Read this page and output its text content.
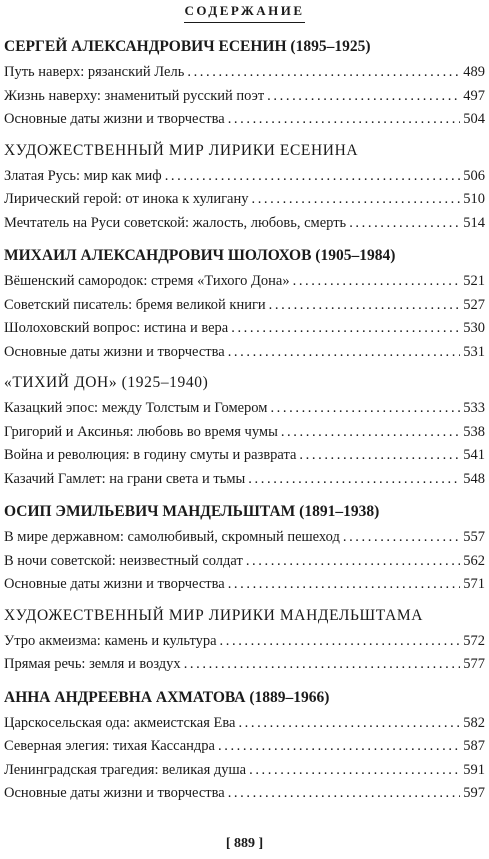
СОДЕРЖАНИЕ
СЕРГЕЙ АЛЕКСАНДРОВИЧ ЕСЕНИН (1895–1925)
Путь наверх: рязанский Лель .....	489
Жизнь наверху: знаменитый русский поэт .....	497
Основные даты жизни и творчества .....	504
ХУДОЖЕСТВЕННЫЙ МИР ЛИРИКИ ЕСЕНИНА
Златая Русь: мир как миф .....	506
Лирический герой: от инока к хулигану .....	510
Мечтатель на Руси советской: жалость, любовь, смерть .....	514
МИХАИЛ АЛЕКСАНДРОВИЧ ШОЛОХОВ (1905–1984)
Вёшенский самородок: стремя «Тихого Дона» .....	521
Советский писатель: бремя великой книги .....	527
Шолоховский вопрос: истина и вера .....	530
Основные даты жизни и творчества .....	531
«ТИХИЙ ДОН» (1925–1940)
Казацкий эпос: между Толстым и Гомером .....	533
Григорий и Аксинья: любовь во время чумы .....	538
Война и революция: в годину смуты и разврата .....	541
Казачий Гамлет: на грани света и тьмы .....	548
ОСИП ЭМИЛЬЕВИЧ МАНДЕЛЬШТАМ (1891–1938)
В мире державном: самолюбивый, скромный пешеход .....	557
В ночи советской: неизвестный солдат .....	562
Основные даты жизни и творчества .....	571
ХУДОЖЕСТВЕННЫЙ МИР ЛИРИКИ МАНДЕЛЬШТАМА
Утро акмеизма: камень и культура .....	572
Прямая речь: земля и воздух .....	577
АННА АНДРЕЕВНА АХМАТОВА (1889–1966)
Царскосельская ода: акмеистская Ева .....	582
Северная элегия: тихая Кассандра .....	587
Ленинградская трагедия: великая душа .....	591
Основные даты жизни и творчества .....	597
[ 889 ]
